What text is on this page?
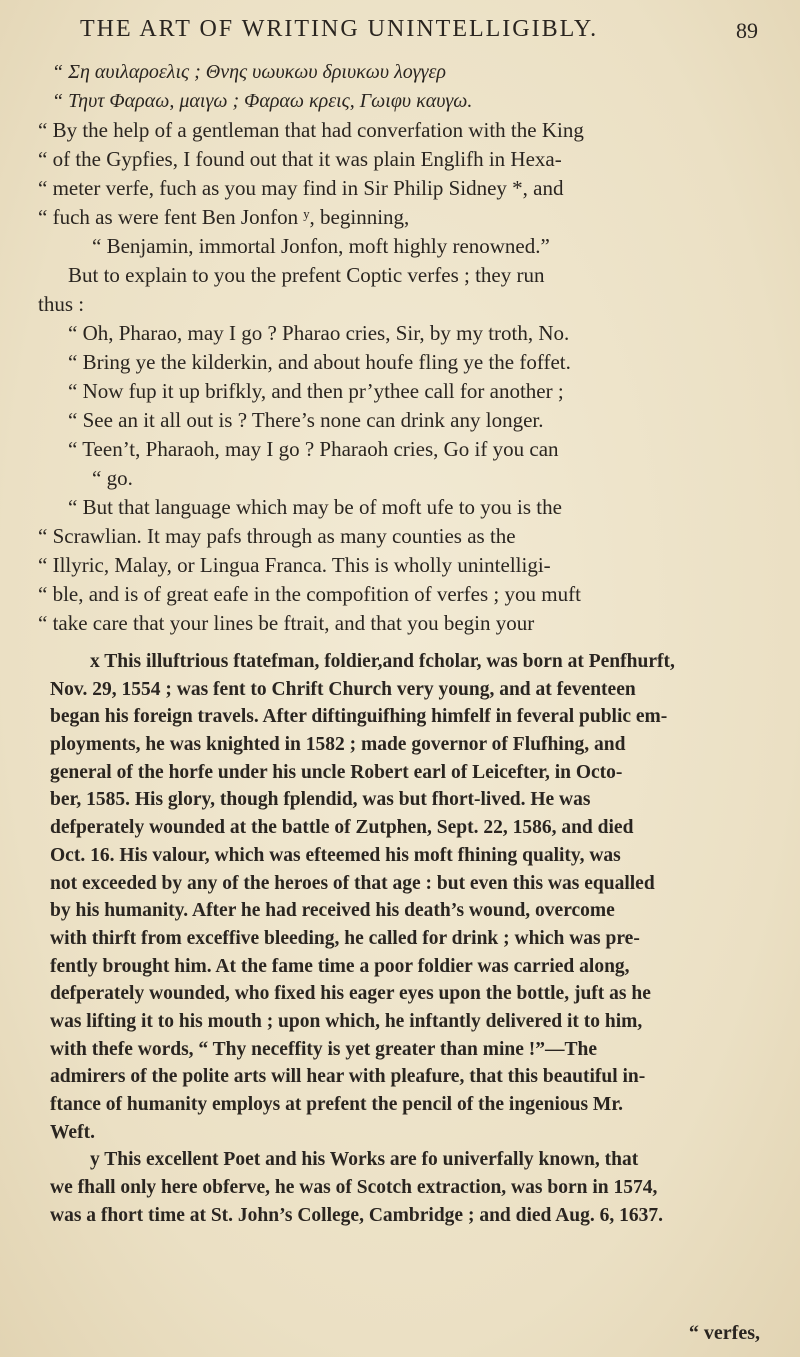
THE ART OF WRITING UNINTELLIGIBLY.	89
“ Ση αυιλαροελις ; Θνης υωυκωυ δριυκωυ λογγερ
“ Τηυτ Φαραω, μαιγω ; Φαραω κρεις, Γωιφυ καυγω.
“ By the help of a gentleman that had converfation with the King
“ of the Gypfies, I found out that it was plain Englifh in Hexa-
“ meter verfe, fuch as you may find in Sir Philip Sidney *, and
“ fuch as were fent Ben Jonfon ʸ, beginning,
“ Benjamin, immortal Jonfon, moft highly renowned.”
But to explain to you the prefent Coptic verfes ; they run
thus :
“ Oh, Pharao, may I go ? Pharao cries, Sir, by my troth, No.
“ Bring ye the kilderkin, and about houfe fling ye the foffet.
“ Now fup it up brifkly, and then pr’ythee call for another ;
“ See an it all out is ? There’s none can drink any longer.
“ Teen’t, Pharaoh, may I go ? Pharaoh cries, Go if you can
“ go.
“ But that language which may be of moft ufe to you is the
“ Scrawlian. It may pafs through as many counties as the
“ Illyric, Malay, or Lingua Franca. This is wholly unintelligi-
“ ble, and is of great eafe in the compofition of verfes ; you muft
“ take care that your lines be ftrait, and that you begin your
x This illuftrious ftatefman, foldier,and fcholar, was born at Penfhurft,
Nov. 29, 1554 ; was fent to Chrift Church very young, and at feventeen
began his foreign travels. After diftinguifhing himfelf in feveral public em-
ployments, he was knighted in 1582 ; made governor of Flufhing, and
general of the horfe under his uncle Robert earl of Leicefter, in Octo-
ber, 1585. His glory, though fplendid, was but fhort-lived. He was
defperately wounded at the battle of Zutphen, Sept. 22, 1586, and died
Oct. 16. His valour, which was efteemed his moft fhining quality, was
not exceeded by any of the heroes of that age : but even this was equalled
by his humanity. After he had received his death’s wound, overcome
with thirft from exceffive bleeding, he called for drink ; which was pre-
fently brought him. At the fame time a poor foldier was carried along,
defperately wounded, who fixed his eager eyes upon the bottle, juft as he
was lifting it to his mouth ; upon which, he inftantly delivered it to him,
with thefe words, “ Thy neceffity is yet greater than mine !”—The
admirers of the polite arts will hear with pleafure, that this beautiful in-
ftance of humanity employs at prefent the pencil of the ingenious Mr.
Weft.
y This excellent Poet and his Works are fo univerfally known, that
we fhall only here obferve, he was of Scotch extraction, was born in 1574,
was a fhort time at St. John’s College, Cambridge ; and died Aug. 6, 1637.
“ verfes,
